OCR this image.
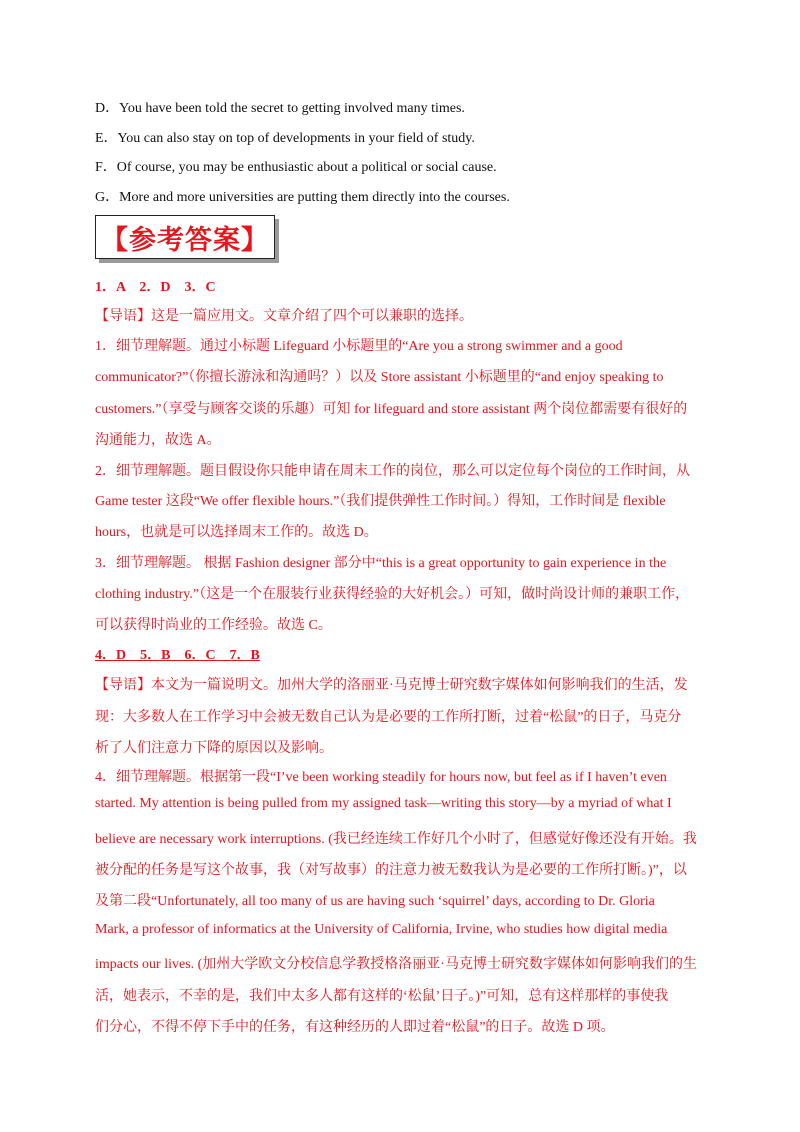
D．You have been told the secret to getting involved many times.
E．You can also stay on top of developments in your field of study.
F．Of course, you may be enthusiastic about a political or social cause.
G．More and more universities are putting them directly into the courses.
【参考答案】
1．A　2．D　3．C
【导语】这是一篇应用文。文章介绍了四个可以兼职的选择。
1．细节理解题。通过小标题 Lifeguard 小标题里的“Are you a strong swimmer and a good
communicator?”（你擅长游泳和沟通吗？）以及 Store assistant 小标题里的“and enjoy speaking to
customers.”（享受与顾客交谈的乐趣）可知 for lifeguard and store assistant 两个岗位都需要有很好的
沟通能力，故选 A。
2．细节理解题。题目假设你只能申请在周末工作的岗位，那么可以定位每个岗位的工作时间，从
Game tester 这段“We offer flexible hours.”（我们提供弹性工作时间。）得知，工作时间是 flexible
hours，也就是可以选择周末工作的。故选 D。
3．细节理解题。 根据 Fashion designer 部分中“this is a great opportunity to gain experience in the
clothing industry.”（这是一个在服装行业获得经验的大好机会。）可知，做时尚设计师的兼职工作，
可以获得时尚业的工作经验。故选 C。
4．D　5．B　6．C　7．B
【导语】本文为一篇说明文。加州大学的洛丽亚·马克博士研究数字媒体如何影响我们的生活，发
现：大多数人在工作学习中会被无数自己认为是必要的工作所打断，过着“松鼠”的日子，马克分
析了人们注意力下降的原因以及影响。
4．细节理解题。根据第一段“I’ve been working steadily for hours now, but feel as if I haven’t even
started. My attention is being pulled from my assigned task—writing this story—by a myriad of what I
believe are necessary work interruptions. (我已经连续工作好几个小时了，但感觉好像还没有开始。我
被分配的任务是写这个故事，我（对写故事）的注意力被无数我认为是必要的工作所打断。)”，以
及第二段“Unfortunately, all too many of us are having such ‘squirrel’ days, according to Dr. Gloria
Mark, a professor of informatics at the University of California, Irvine, who studies how digital media
impacts our lives. (加州大学欧文分校信息学教授格洛丽亚·马克博士研究数字媒体如何影响我们的生
活，她表示，不幸的是，我们中太多人都有这样的‘松鼠’日子。)”可知，总有这样那样的事使我
们分心，不得不停下手中的任务，有这种经历的人即过着“松鼠”的日子。故选 D 项。
